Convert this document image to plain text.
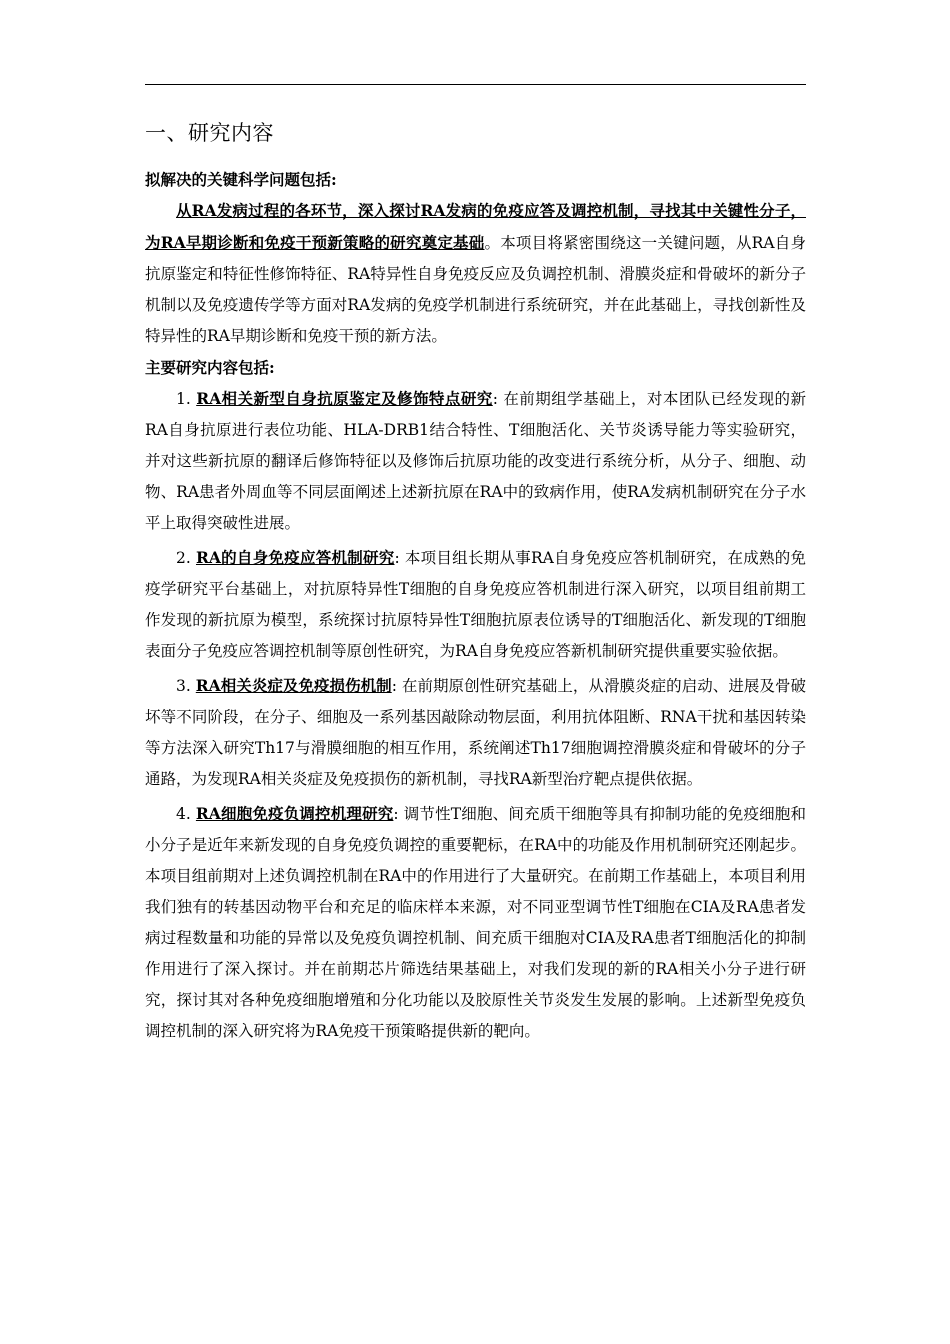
一、研究内容

拟解决的关键科学问题包括:

从RA发病过程的各环节，深入探讨RA发病的免疫应答及调控机制，寻找其中关键性分子，为RA早期诊断和免疫干预新策略的研究奠定基础。本项目将紧密围绕这一关键问题，从RA自身抗原鉴定和特征性修饰特征、RA特异性自身免疫反应及负调控机制、滑膜炎症和骨破坏的新分子机制以及免疫遗传学等方面对RA发病的免疫学机制进行系统研究，并在此基础上，寻找创新性及特异性的RA早期诊断和免疫干预的新方法。

主要研究内容包括:

1. RA相关新型自身抗原鉴定及修饰特点研究: 在前期组学基础上，对本团队已经发现的新RA自身抗原进行表位功能、HLA-DRB1结合特性、T细胞活化、关节炎诱导能力等实验研究，并对这些新抗原的翻译后修饰特征以及修饰后抗原功能的改变进行系统分析，从分子、细胞、动物、RA患者外周血等不同层面阐述上述新抗原在RA中的致病作用，使RA发病机制研究在分子水平上取得突破性进展。

2. RA的自身免疫应答机制研究: 本项目组长期从事RA自身免疫应答机制研究，在成熟的免疫学研究平台基础上，对抗原特异性T细胞的自身免疫应答机制进行深入研究，以项目组前期工作发现的新抗原为模型，系统探讨抗原特异性T细胞抗原表位诱导的T细胞活化、新发现的T细胞表面分子免疫应答调控机制等原创性研究，为RA自身免疫应答新机制研究提供重要实验依据。

3. RA相关炎症及免疫损伤机制: 在前期原创性研究基础上，从滑膜炎症的启动、进展及骨破坏等不同阶段，在分子、细胞及一系列基因敲除动物层面，利用抗体阻断、RNA干扰和基因转染等方法深入研究Th17与滑膜细胞的相互作用，系统阐述Th17细胞调控滑膜炎症和骨破坏的分子通路，为发现RA相关炎症及免疫损伤的新机制，寻找RA新型治疗靶点提供依据。

4. RA细胞免疫负调控机理研究: 调节性T细胞、间充质干细胞等具有抑制功能的免疫细胞和小分子是近年来新发现的自身免疫负调控的重要靶标，在RA中的功能及作用机制研究还刚起步。本项目组前期对上述负调控机制在RA中的作用进行了大量研究。在前期工作基础上，本项目利用我们独有的转基因动物平台和充足的临床样本来源，对不同亚型调节性T细胞在CIA及RA患者发病过程数量和功能的异常以及免疫负调控机制、间充质干细胞对CIA及RA患者T细胞活化的抑制作用进行了深入探讨。并在前期芯片筛选结果基础上，对我们发现的新的RA相关小分子进行研究，探讨其对各种免疫细胞增殖和分化功能以及胶原性关节炎发生发展的影响。上述新型免疫负调控机制的深入研究将为RA免疫干预策略提供新的靶向。
